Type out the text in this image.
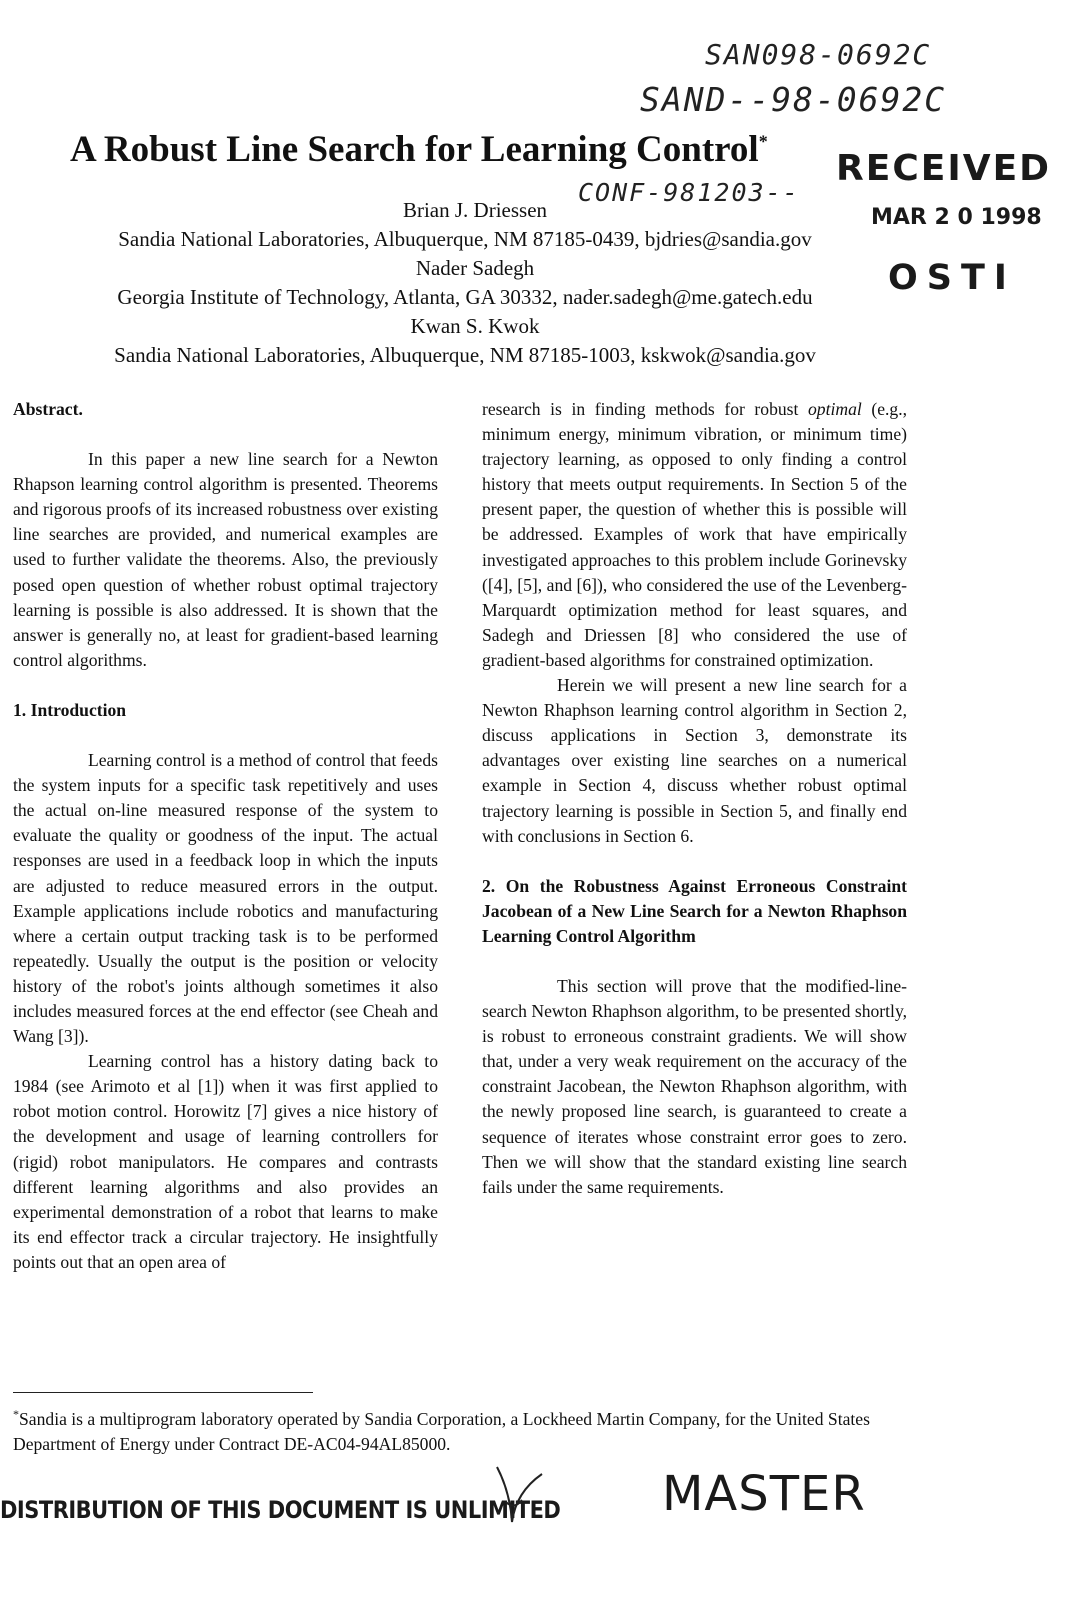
SAN098-0692C
SAND--98-0692C
A Robust Line Search for Learning Control*
RECEIVED
MAR 2 0 1998
OSTI
CONF-981203--
Brian J. Driessen
Sandia National Laboratories, Albuquerque, NM 87185-0439, bjdries@sandia.gov
Nader Sadegh
Georgia Institute of Technology, Atlanta, GA 30332, nader.sadegh@me.gatech.edu
Kwan S. Kwok
Sandia National Laboratories, Albuquerque, NM 87185-1003, kskwok@sandia.gov

Abstract.

In this paper a new line search for a Newton Rhapson learning control algorithm is presented. Theorems and rigorous proofs of its increased robustness over existing line searches are provided, and numerical examples are used to further validate the theorems. Also, the previously posed open question of whether robust optimal trajectory learning is possible is also addressed. It is shown that the answer is generally no, at least for gradient-based learning control algorithms.

1. Introduction

Learning control is a method of control that feeds the system inputs for a specific task repetitively and uses the actual on-line measured response of the system to evaluate the quality or goodness of the input. The actual responses are used in a feedback loop in which the inputs are adjusted to reduce measured errors in the output. Example applications include robotics and manufacturing where a certain output tracking task is to be performed repeatedly. Usually the output is the position or velocity history of the robot's joints although sometimes it also includes measured forces at the end effector (see Cheah and Wang [3]).

Learning control has a history dating back to 1984 (see Arimoto et al [1]) when it was first applied to robot motion control. Horowitz [7] gives a nice history of the development and usage of learning controllers for (rigid) robot manipulators. He compares and contrasts different learning algorithms and also provides an experimental demonstration of a robot that learns to make its end effector track a circular trajectory. He insightfully points out that an open area of

research is in finding methods for robust optimal (e.g., minimum energy, minimum vibration, or minimum time) trajectory learning, as opposed to only finding a control history that meets output requirements. In Section 5 of the present paper, the question of whether this is possible will be addressed. Examples of work that have empirically investigated approaches to this problem include Gorinevsky ([4], [5], and [6]), who considered the use of the Levenberg-Marquardt optimization method for least squares, and Sadegh and Driessen [8] who considered the use of gradient-based algorithms for constrained optimization.

Herein we will present a new line search for a Newton Rhaphson learning control algorithm in Section 2, discuss applications in Section 3, demonstrate its advantages over existing line searches on a numerical example in Section 4, discuss whether robust optimal trajectory learning is possible in Section 5, and finally end with conclusions in Section 6.

2. On the Robustness Against Erroneous Constraint Jacobean of a New Line Search for a Newton Rhaphson Learning Control Algorithm

This section will prove that the modified-line-search Newton Rhaphson algorithm, to be presented shortly, is robust to erroneous constraint gradients. We will show that, under a very weak requirement on the accuracy of the constraint Jacobean, the Newton Rhaphson algorithm, with the newly proposed line search, is guaranteed to create a sequence of iterates whose constraint error goes to zero. Then we will show that the standard existing line search fails under the same requirements.

*Sandia is a multiprogram laboratory operated by Sandia Corporation, a Lockheed Martin Company, for the United States Department of Energy under Contract DE-AC04-94AL85000.
DISTRIBUTION OF THIS DOCUMENT IS UNLIMITED MASTER
